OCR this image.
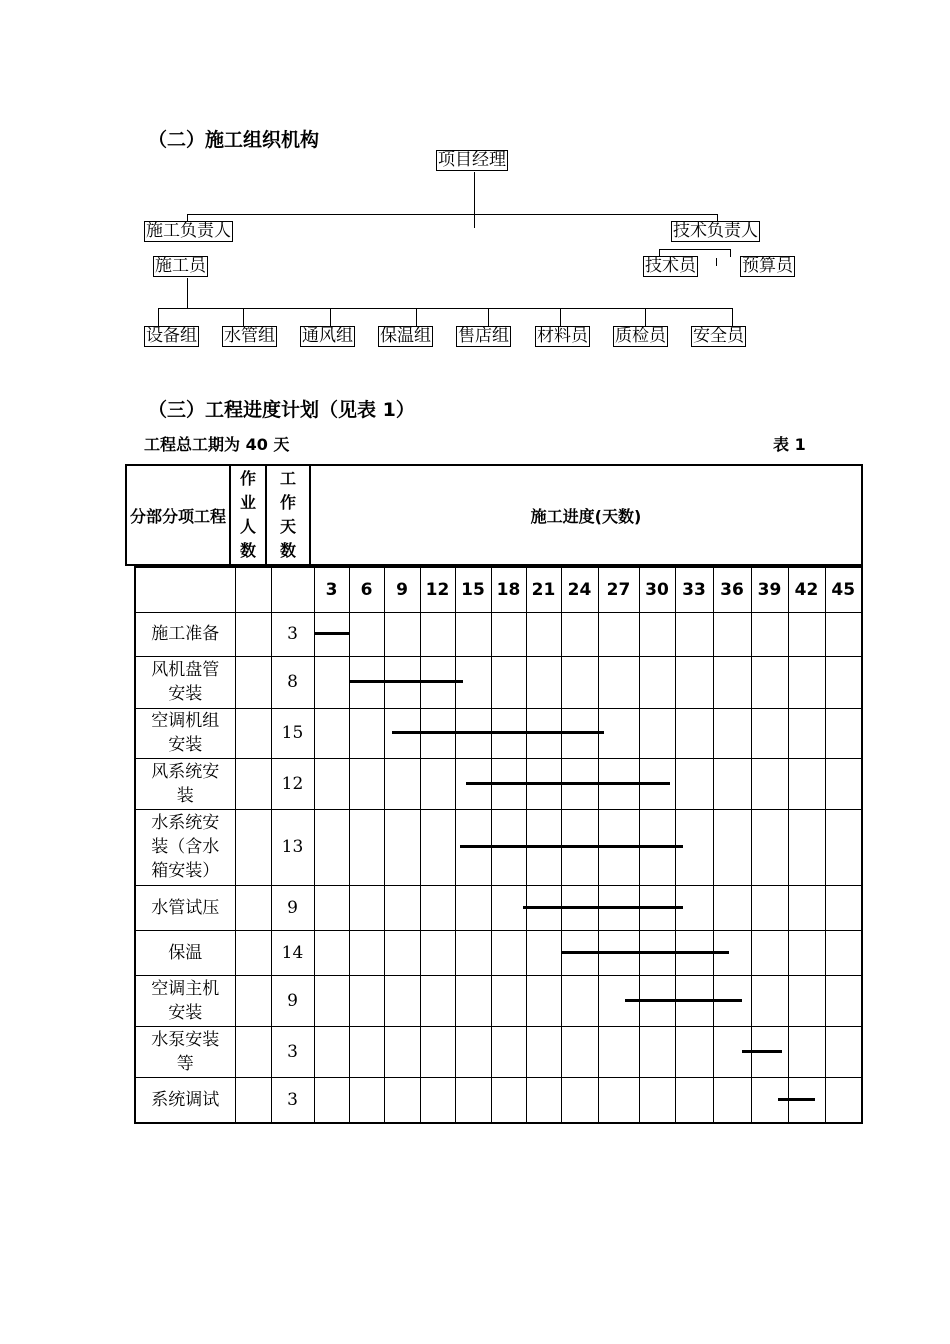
（二）施工组织机构
项目经理
施工负责人	技术负责人
施工员	技术员	预算员
设备组 水管组 通风组 保温组 售店组 材料员 质检员 安全员
（三）工程进度计划（见表 1）
工程总工期为 40 天	表 1
分部分项工程	作业人数	工作天数	施工进度(天数)
			3	6	9	12	15	18	21	24	27	30	33	36	39	42	45
施工准备		3															
风机盘管安装		8															
空调机组安装		15															
风系统安装		12															
水系统安装（含水箱安装）		13															
水管试压		9															
保温		14															
空调主机安装		9															
水泵安装等		3															
系统调试		3															
